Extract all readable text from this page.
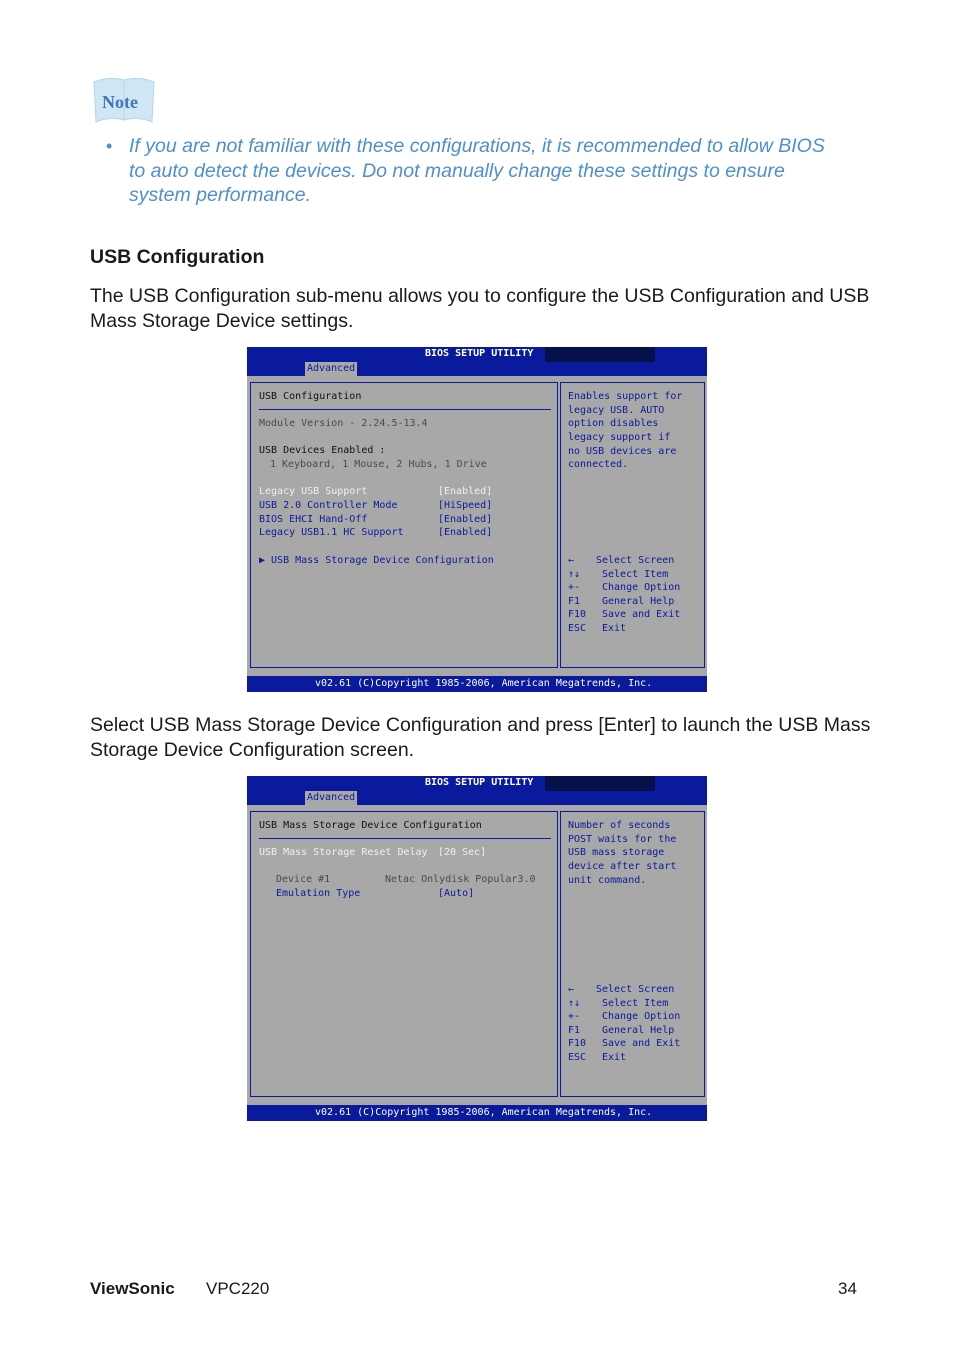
Note
• If you are not familiar with these configurations, it is recommended to allow BIOS to auto detect the devices. Do not manually change these settings to ensure system performance.
USB Configuration
The USB Configuration sub-menu allows you to configure the USB Configuration and USB Mass Storage Device settings.
BIOS SETUP UTILITY
Advanced
USB Configuration
Module Version - 2.24.5-13.4
USB Devices Enabled :
1 Keyboard, 1 Mouse, 2 Hubs, 1 Drive
Legacy USB Support	[Enabled]
USB 2.0 Controller Mode	[HiSpeed]
BIOS EHCI Hand-Off	[Enabled]
Legacy USB1.1 HC Support	[Enabled]
▶ USB Mass Storage Device Configuration
Enables support for
legacy USB. AUTO
option disables
legacy support if
no USB devices are
connected.
← Select Screen
↑↓ Select Item
+- Change Option
F1 General Help
F10 Save and Exit
ESC Exit
v02.61 (C)Copyright 1985-2006, American Megatrends, Inc.
Select USB Mass Storage Device Configuration and press [Enter] to launch the USB Mass Storage Device Configuration screen.
BIOS SETUP UTILITY
Advanced
USB Mass Storage Device Configuration
USB Mass Storage Reset Delay [20 Sec]
Device #1	Netac Onlydisk Popular3.0
Emulation Type	[Auto]
Number of seconds
POST waits for the
USB mass storage
device after start
unit command.
← Select Screen
↑↓ Select Item
+- Change Option
F1 General Help
F10 Save and Exit
ESC Exit
v02.61 (C)Copyright 1985-2006, American Megatrends, Inc.
ViewSonic VPC220	34
